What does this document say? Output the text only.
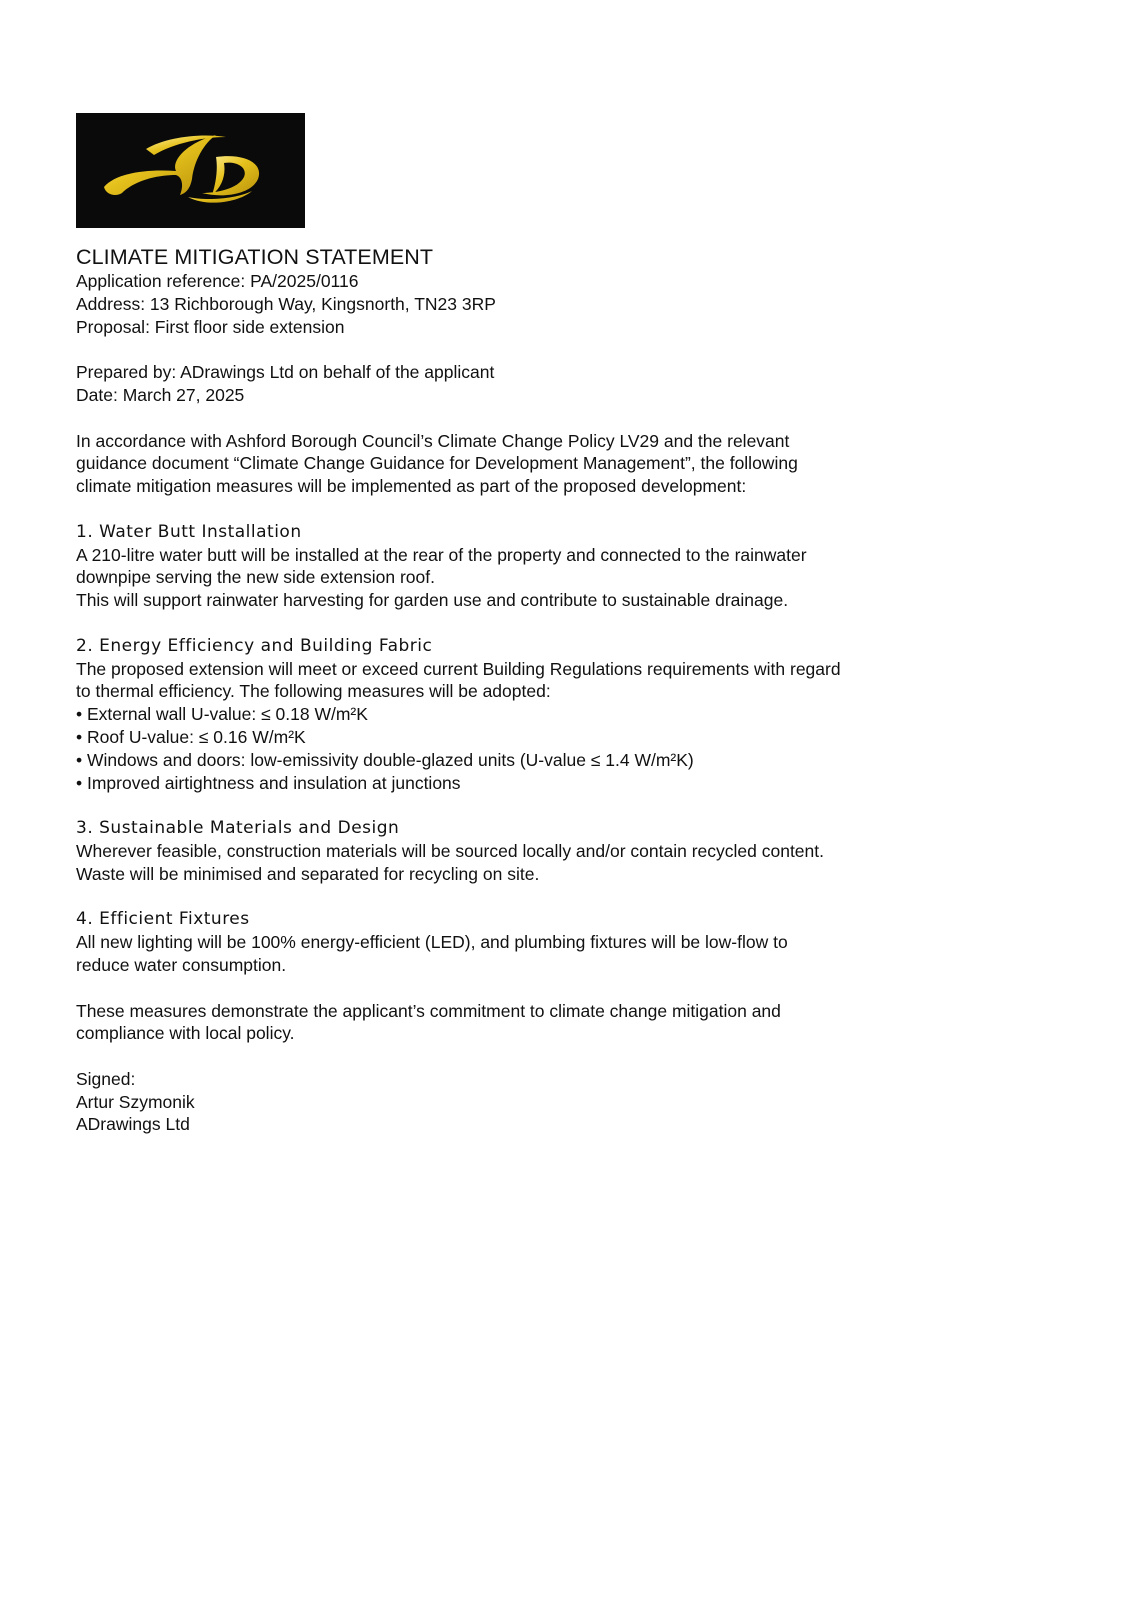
CLIMATE MITIGATION STATEMENT
Application reference: PA/2025/0116
Address: 13 Richborough Way, Kingsnorth, TN23 3RP
Proposal: First floor side extension
Prepared by: ADrawings Ltd on behalf of the applicant
Date: March 27, 2025
In accordance with Ashford Borough Council’s Climate Change Policy LV29 and the relevant
guidance document “Climate Change Guidance for Development Management”, the following
climate mitigation measures will be implemented as part of the proposed development:
1. Water Butt Installation
A 210-litre water butt will be installed at the rear of the property and connected to the rainwater
downpipe serving the new side extension roof.
This will support rainwater harvesting for garden use and contribute to sustainable drainage.
2. Energy Efficiency and Building Fabric
The proposed extension will meet or exceed current Building Regulations requirements with regard
to thermal efficiency. The following measures will be adopted:
• External wall U-value: ≤ 0.18 W/m²K
• Roof U-value: ≤ 0.16 W/m²K
• Windows and doors: low-emissivity double-glazed units (U-value ≤ 1.4 W/m²K)
• Improved airtightness and insulation at junctions
3. Sustainable Materials and Design
Wherever feasible, construction materials will be sourced locally and/or contain recycled content.
Waste will be minimised and separated for recycling on site.
4. Efficient Fixtures
All new lighting will be 100% energy-efficient (LED), and plumbing fixtures will be low-flow to
reduce water consumption.
These measures demonstrate the applicant’s commitment to climate change mitigation and
compliance with local policy.
Signed:
Artur Szymonik
ADrawings Ltd
